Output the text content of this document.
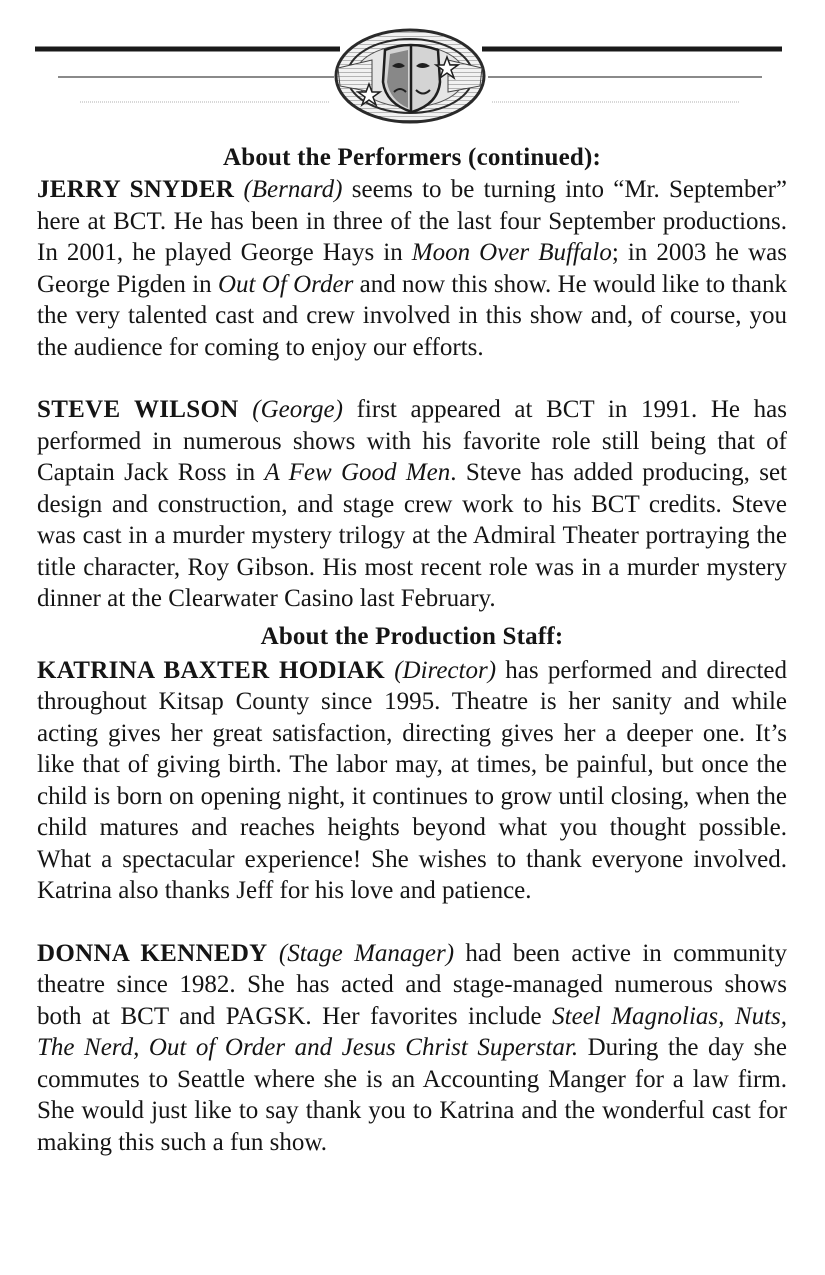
About the Performers (continued):

JERRY SNYDER (Bernard) seems to be turning into “Mr. September” here at BCT. He has been in three of the last four September productions. In 2001, he played George Hays in Moon Over Buffalo; in 2003 he was George Pigden in Out Of Order and now this show. He would like to thank the very talented cast and crew involved in this show and, of course, you the audience for coming to enjoy our efforts.

STEVE WILSON (George) first appeared at BCT in 1991. He has performed in numerous shows with his favorite role still being that of Captain Jack Ross in A Few Good Men. Steve has added producing, set design and construction, and stage crew work to his BCT credits. Steve was cast in a murder mystery trilogy at the Admiral Theater portraying the title character, Roy Gibson. His most recent role was in a murder mystery dinner at the Clearwater Casino last February.

About the Production Staff:

KATRINA BAXTER HODIAK (Director) has performed and directed throughout Kitsap County since 1995. Theatre is her sanity and while acting gives her great satisfaction, directing gives her a deeper one. It’s like that of giving birth. The labor may, at times, be painful, but once the child is born on opening night, it continues to grow until closing, when the child matures and reaches heights beyond what you thought possible. What a spectacular experience! She wishes to thank everyone involved. Katrina also thanks Jeff for his love and patience.

DONNA KENNEDY (Stage Manager) had been active in community theatre since 1982. She has acted and stage-managed numerous shows both at BCT and PAGSK. Her favorites include Steel Magnolias, Nuts, The Nerd, Out of Order and Jesus Christ Superstar. During the day she commutes to Seattle where she is an Accounting Manger for a law firm. She would just like to say thank you to Katrina and the wonderful cast for making this such a fun show.
